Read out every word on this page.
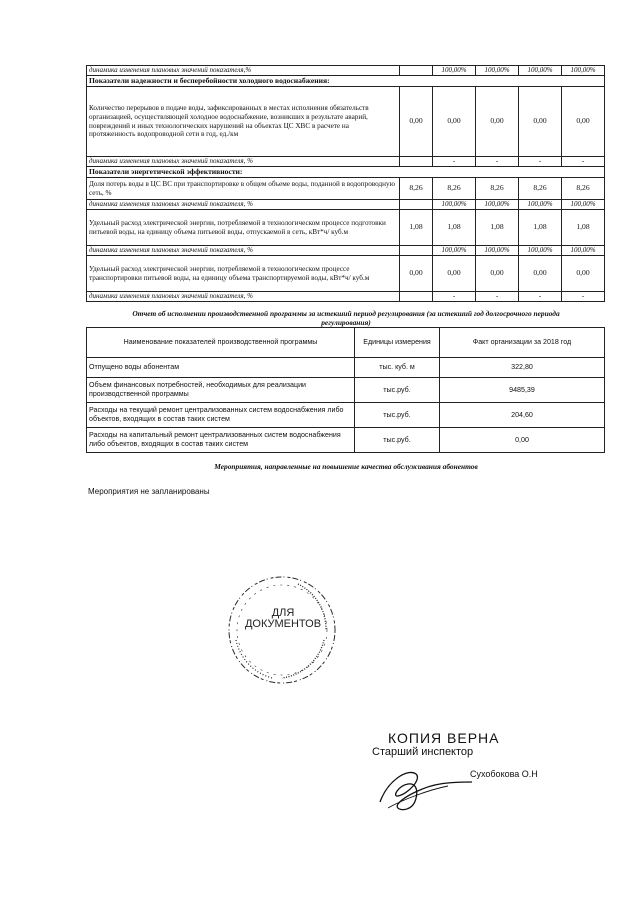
динамика изменения плановых значений показателя,%		100,00%	100,00%	100,00%	100,00%
Показатели надежности и бесперебойности холодного водоснабжения:					
Количество перерывов в подаче воды, зафиксированных в местах исполнения обязательств организацией, осуществляющей холодное водоснабжение, возникших в результате аварий, повреждений и иных технологических нарушений на объектах ЦС ХВС в расчете на протяженность водопроводной сети в год, ед./км	0,00	0,00	0,00	0,00	0,00
динамика изменения плановых значений показателя, %		-	-	-	-
Показатели энергетической эффективности:					
Доля потерь воды в ЦС ВС при транспортировке в общем объеме воды, поданной в водопроводную сеть, %	8,26	8,26	8,26	8,26	8,26
динамика изменения плановых значений показателя, %		100,00%	100,00%	100,00%	100,00%
Удельный расход электрической энергии, потребляемой в технологическом процессе подготовки питьевой воды, на единицу объема питьевой воды, отпускаемой в сеть, кВт*ч/ куб.м	1,08	1,08	1,08	1,08	1,08
динамика изменения плановых значений показателя, %		100,00%	100,00%	100,00%	100,00%
Удельный расход электрической энергии, потребляемой в технологическом процессе транспортировки питьевой воды, на единицу объема транспортируемой воды, кВт*ч/ куб.м	0,00	0,00	0,00	0,00	0,00
динамика изменения плановых значений показателя, %		-	-	-	-
Отчет об исполнении производственной программы за истекший период регулирования (за истекший год долгосрочного периода
регулирования)
Наименование показателей производственной программы	Единицы измерения	Факт организации за 2018 год
Отпущено воды абонентам	тыс. куб. м	322,80
Объем финансовых потребностей, необходимых для реализации производственной программы	тыс.руб.	9485,39
Расходы на текущий ремонт централизованных систем водоснабжения либо объектов, входящих в состав таких систем	тыс.руб.	204,60
Расходы на капитальный ремонт централизованных систем водоснабжения либо объектов, входящих в состав таких систем	тыс.руб.	0,00
Мероприятия, направленные на повышение качества обслуживания абонентов
Мероприятия не запланированы
ДЛЯ
ДОКУМЕНТОВ
КОПИЯ ВЕРНА
Старший инспектор
Сухобокова О.Н
